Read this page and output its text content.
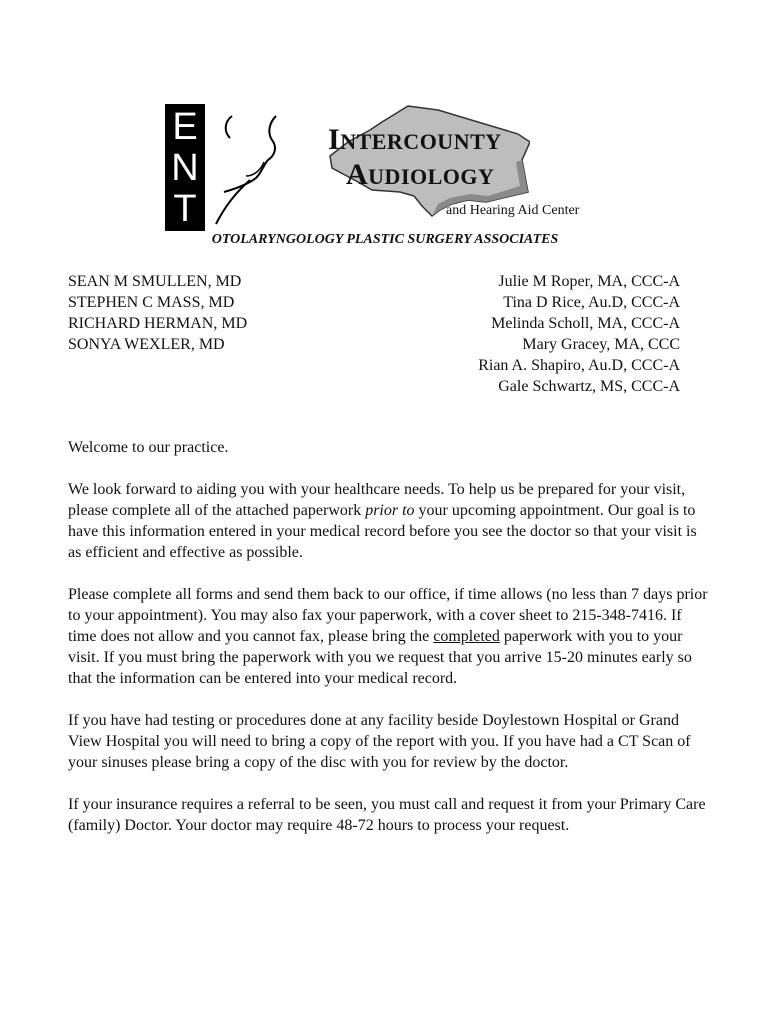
E
N
T
INTERCOUNTY
AUDIOLOGY
and Hearing Aid Center
OTOLARYNGOLOGY PLASTIC SURGERY ASSOCIATES
SEAN M SMULLEN, MD
STEPHEN C MASS, MD
RICHARD HERMAN, MD
SONYA WEXLER, MD
Julie M Roper, MA, CCC-A
Tina D Rice, Au.D, CCC-A
Melinda Scholl, MA, CCC-A
Mary Gracey, MA, CCC
Rian A. Shapiro, Au.D, CCC-A
Gale Schwartz, MS, CCC-A

Welcome to our practice.

We look forward to aiding you with your healthcare needs. To help us be prepared for your visit, please complete all of the attached paperwork prior to your upcoming appointment. Our goal is to have this information entered in your medical record before you see the doctor so that your visit is as efficient and effective as possible.

Please complete all forms and send them back to our office, if time allows (no less than 7 days prior to your appointment). You may also fax your paperwork, with a cover sheet to 215-348-7416. If time does not allow and you cannot fax, please bring the completed paperwork with you to your visit. If you must bring the paperwork with you we request that you arrive 15-20 minutes early so that the information can be entered into your medical record.

If you have had testing or procedures done at any facility beside Doylestown Hospital or Grand View Hospital you will need to bring a copy of the report with you. If you have had a CT Scan of your sinuses please bring a copy of the disc with you for review by the doctor.

If your insurance requires a referral to be seen, you must call and request it from your Primary Care (family) Doctor. Your doctor may require 48-72 hours to process your request.
